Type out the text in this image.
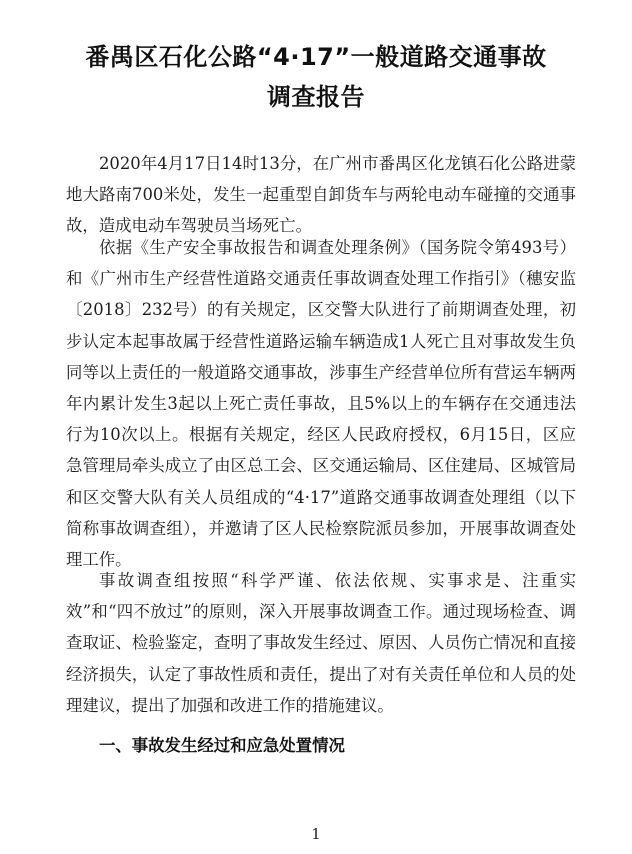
番禺区石化公路“4·17”一般道路交通事故
调查报告

2020年4月17日14时13分，在广州市番禺区化龙镇石化公路进蒙地大路南700米处，发生一起重型自卸货车与两轮电动车碰撞的交通事故，造成电动车驾驶员当场死亡。

依据《生产安全事故报告和调查处理条例》（国务院令第493号）和《广州市生产经营性道路交通责任事故调查处理工作指引》（穗安监〔2018〕232号）的有关规定，区交警大队进行了前期调查处理，初步认定本起事故属于经营性道路运输车辆造成1人死亡且对事故发生负同等以上责任的一般道路交通事故，涉事生产经营单位所有营运车辆两年内累计发生3起以上死亡责任事故，且5%以上的车辆存在交通违法行为10次以上。根据有关规定，经区人民政府授权，6月15日，区应急管理局牵头成立了由区总工会、区交通运输局、区住建局、区城管局和区交警大队有关人员组成的“4·17”道路交通事故调查处理组（以下简称事故调查组），并邀请了区人民检察院派员参加，开展事故调查处理工作。

事故调查组按照“科学严谨、依法依规、实事求是、注重实效”和“四不放过”的原则，深入开展事故调查工作。通过现场检查、调查取证、检验鉴定，查明了事故发生经过、原因、人员伤亡情况和直接经济损失，认定了事故性质和责任，提出了对有关责任单位和人员的处理建议，提出了加强和改进工作的措施建议。

一、事故发生经过和应急处置情况
1
